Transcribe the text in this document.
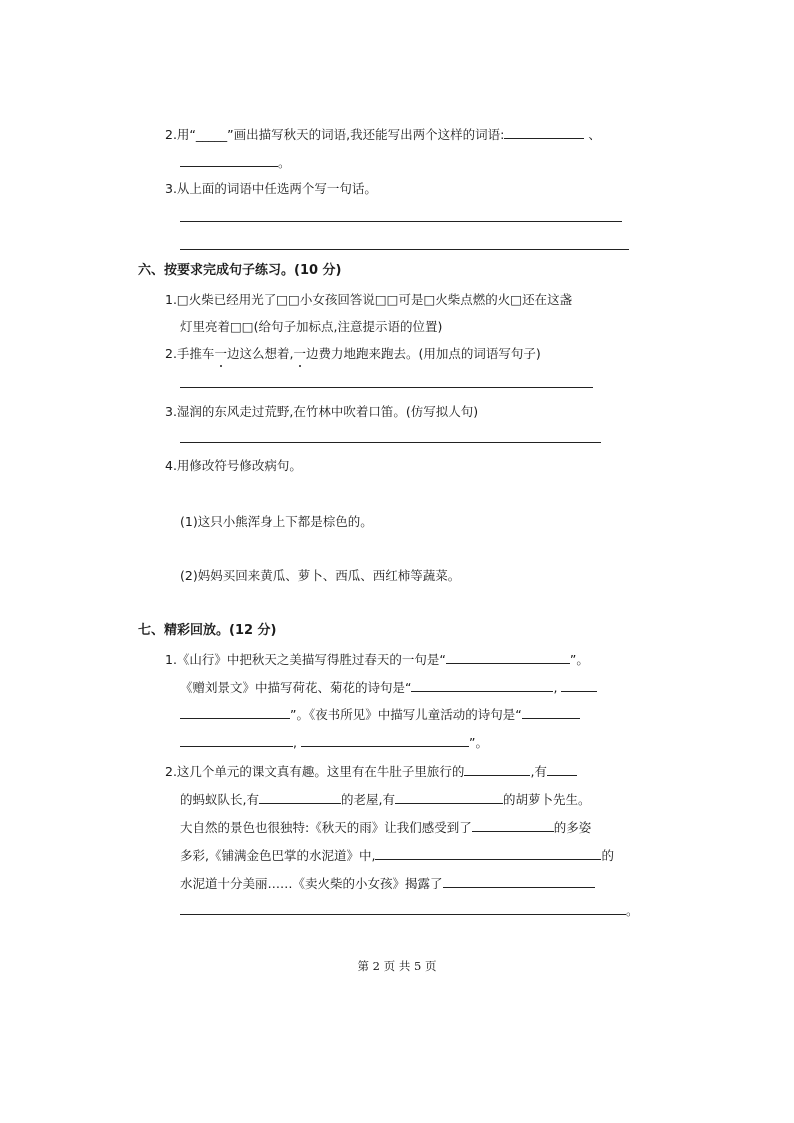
2.用“_____”画出描写秋天的词语,我还能写出两个这样的词语:	、
。
3.从上面的词语中任选两个写一句话。
六、按要求完成句子练习。(10 分)
1.□火柴已经用光了□□小女孩回答说□□可是□火柴点燃的火□还在这盏
灯里亮着□□(给句子加标点,注意提示语的位置)
2.手推车一边这么想着,一边费力地跑来跑去。(用加点的词语写句子)
3.湿润的东风走过荒野,在竹林中吹着口笛。(仿写拟人句)
4.用修改符号修改病句。
(1)这只小熊浑身上下都是棕色的。
(2)妈妈买回来黄瓜、萝卜、西瓜、西红柿等蔬菜。
七、精彩回放。(12 分)
1.《山行》中把秋天之美描写得胜过春天的一句是“	”。
《赠刘景文》中描写荷花、菊花的诗句是“	,
”。《夜书所见》中描写儿童活动的诗句是“
,	”。
2.这几个单元的课文真有趣。这里有在牛肚子里旅行的	,有
的蚂蚁队长,有	的老屋,有	的胡萝卜先生。
大自然的景色也很独特:《秋天的雨》让我们感受到了	的多姿
多彩,《铺满金色巴掌的水泥道》中,	的
水泥道十分美丽……《卖火柴的小女孩》揭露了
。
第 2 页 共 5 页
